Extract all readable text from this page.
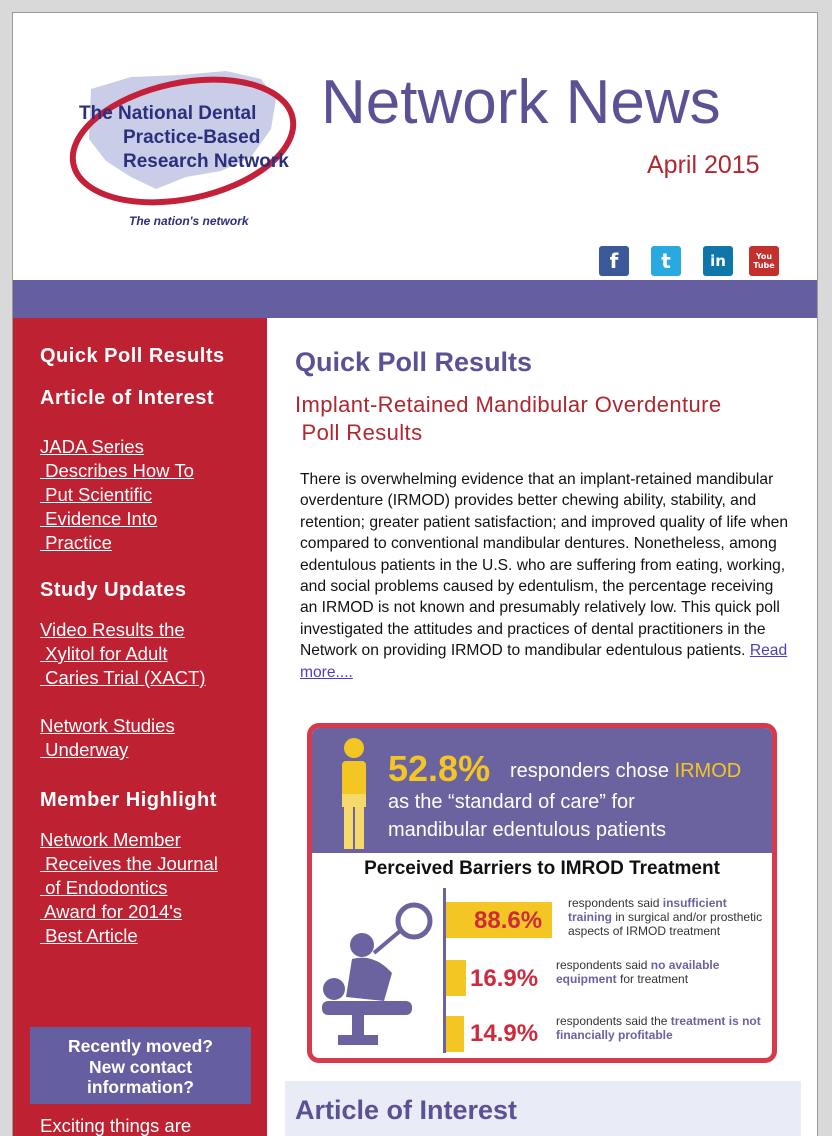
The National Dental
Practice-Based
Research Network
The nation's network
Network News
April 2015
f	t	in	You Tube
Quick Poll Results
Article of Interest
JADA Series
Describes How To
Put Scientific
Evidence Into
Practice
Study Updates
Video Results the
Xylitol for Adult
Caries Trial (XACT)
Network Studies
Underway
Member Highlight
Network Member
Receives the Journal
of Endodontics
Award for 2014's
Best Article
Recently moved?
New contact
information?
Exciting things are
Quick Poll Results
Implant-Retained Mandibular Overdenture
Poll Results
There is overwhelming evidence that an implant-retained mandibular overdenture (IRMOD) provides better chewing ability, stability, and retention; greater patient satisfaction; and improved quality of life when compared to conventional mandibular dentures. Nonetheless, among edentulous patients in the U.S. who are suffering from eating, working, and social problems caused by edentulism, the percentage receiving an IRMOD is not known and presumably relatively low. This quick poll investigated the attitudes and practices of dental practitioners in the Network on providing IRMOD to mandibular edentulous patients. Read more....
52.8% responders chose IRMOD
as the “standard of care” for
mandibular edentulous patients
Perceived Barriers to IMROD Treatment
88.6%
respondents said insufficient training in surgical and/or prosthetic aspects of IRMOD treatment
16.9% respondents said no available equipment for treatment
14.9% respondents said the treatment is not financially profitable
Article of Interest
